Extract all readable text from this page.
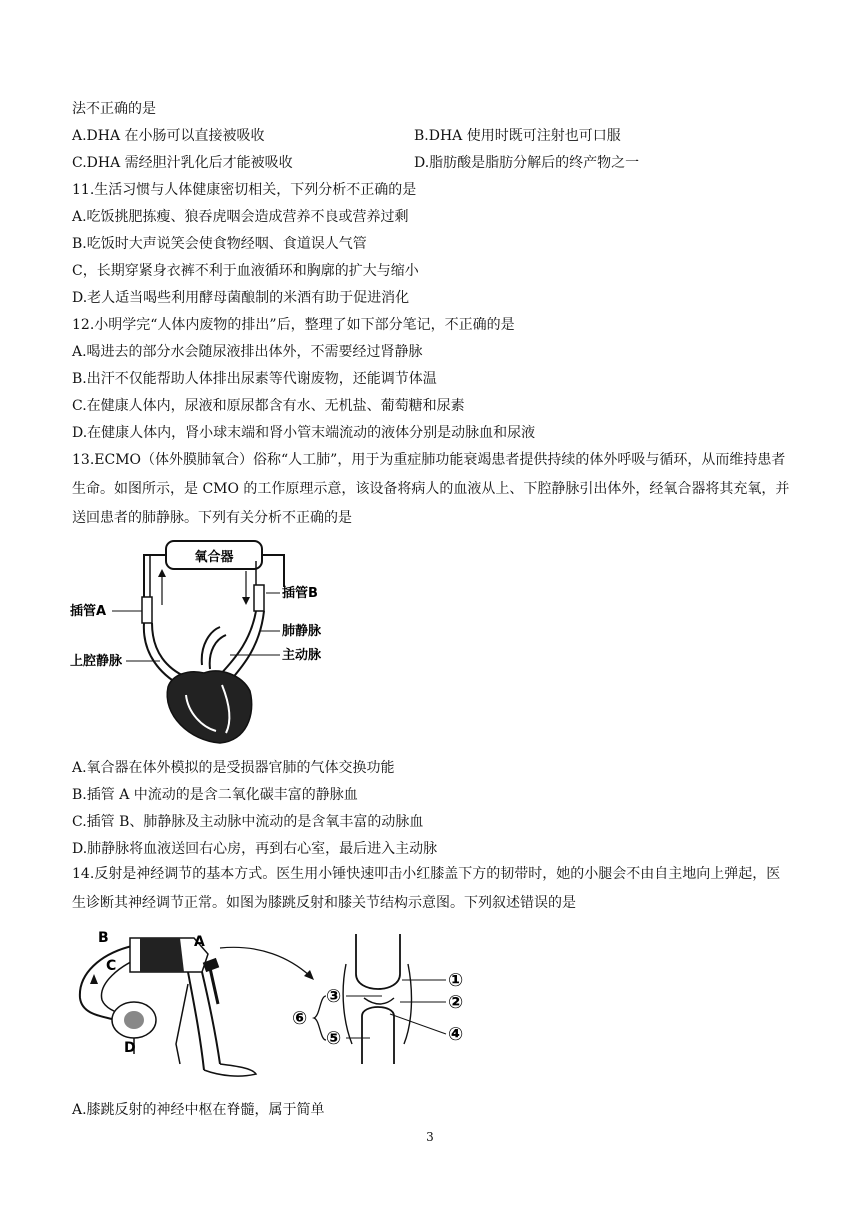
法不正确的是
A.DHA 在小肠可以直接被吸收	B.DHA 使用时既可注射也可口服
C.DHA 需经胆汁乳化后才能被吸收	D.脂肪酸是脂肪分解后的终产物之一
11.生活习惯与人体健康密切相关，下列分析不正确的是
A.吃饭挑肥拣瘦、狼吞虎咽会造成营养不良或营养过剩
B.吃饭时大声说笑会使食物经咽、食道误人气管
C，长期穿紧身衣裤不利于血液循环和胸廓的扩大与缩小
D.老人适当喝些利用酵母菌酿制的米酒有助于促进消化
12.小明学完“人体内废物的排出”后，整理了如下部分笔记，不正确的是
A.喝进去的部分水会随尿液排出体外，不需要经过肾静脉
B.出汗不仅能帮助人体排出尿素等代谢废物，还能调节体温
C.在健康人体内，尿液和原尿都含有水、无机盐、葡萄糖和尿素
D.在健康人体内，肾小球末端和肾小管末端流动的液体分别是动脉血和尿液
13.ECMO（体外膜肺氧合）俗称“人工肺”，用于为重症肺功能衰竭患者提供持续的体外呼吸与循环，从而维持患者生命。如图所示，是 CMO 的工作原理示意，该设备将病人的血液从上、下腔静脉引出体外，经氧合器将其充氧，并送回患者的肺静脉。下列有关分析不正确的是
氧合器
插管A
插管B
肺静脉
主动脉
上腔静脉
A.氧合器在体外模拟的是受损器官肺的气体交换功能
B.插管 A 中流动的是含二氧化碳丰富的静脉血
C.插管 B、肺静脉及主动脉中流动的是含氧丰富的动脉血
D.肺静脉将血液送回右心房，再到右心室，最后进入主动脉
14.反射是神经调节的基本方式。医生用小锤快速叩击小红膝盖下方的韧带时，她的小腿会不由自主地向上弹起，医生诊断其神经调节正常。如图为膝跳反射和膝关节结构示意图。下列叙述错误的是
B	A
C
D
①
②
③
④
⑤
⑥
A.膝跳反射的神经中枢在脊髓，属于简单
3
